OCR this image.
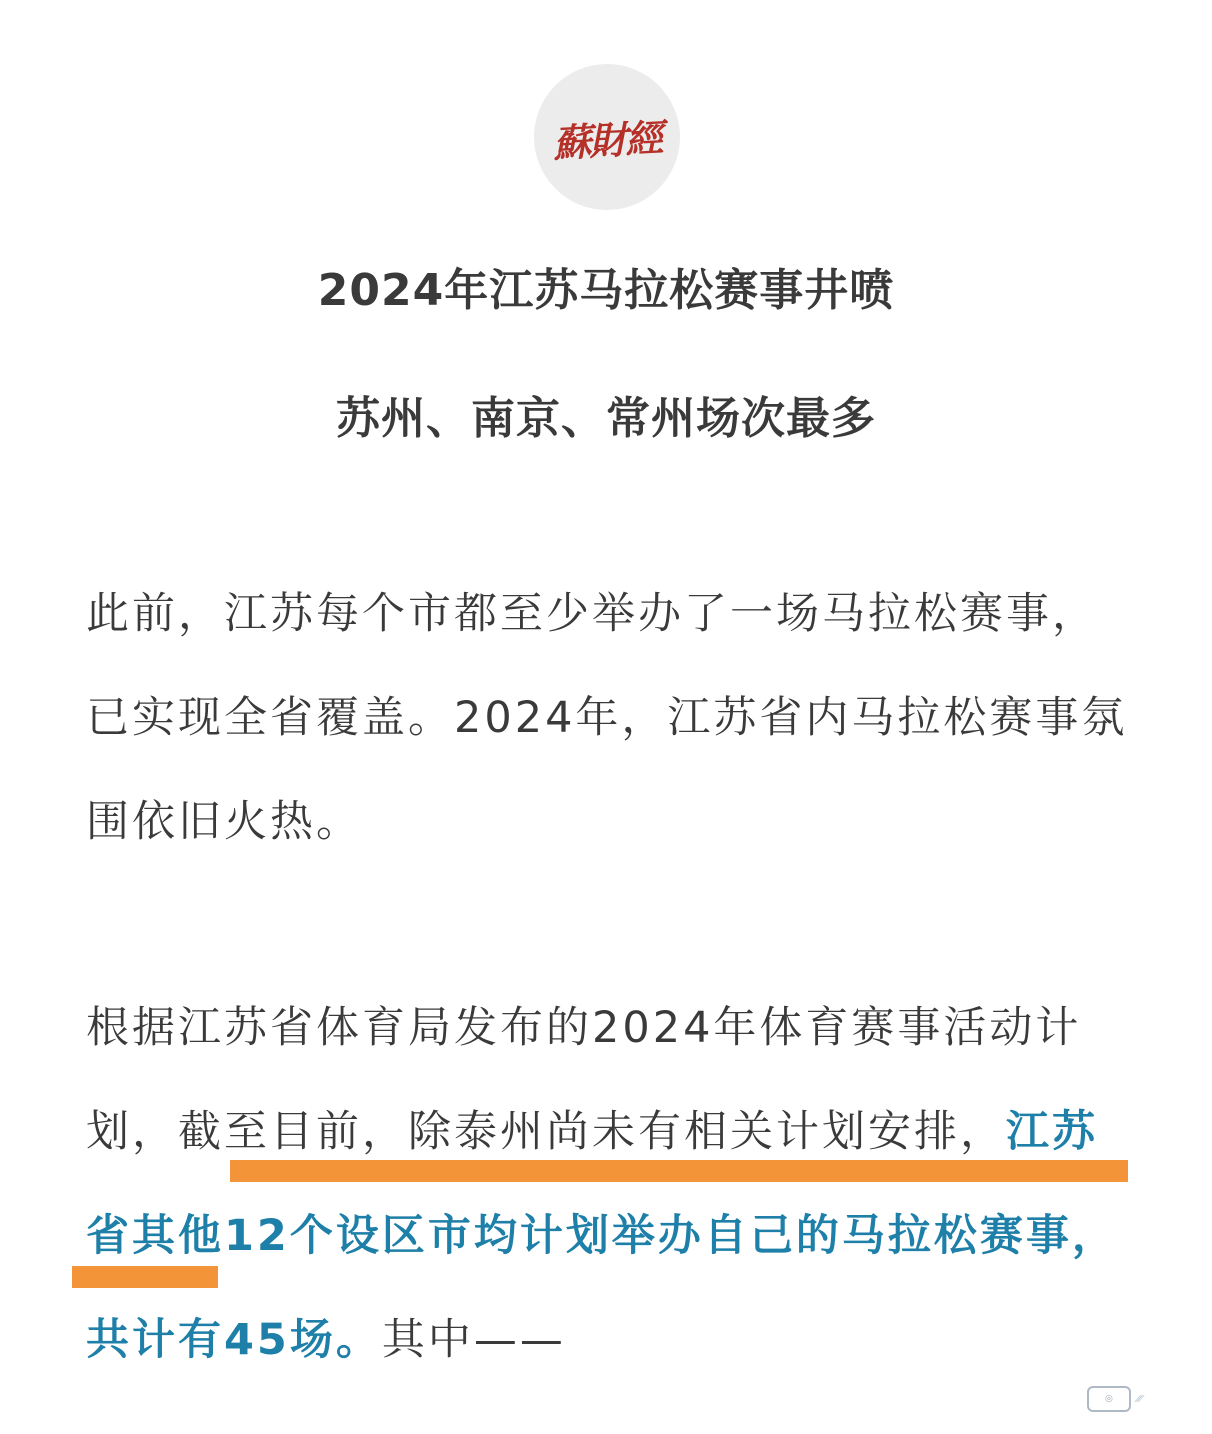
蘇財經
2024年江苏马拉松赛事井喷
苏州、南京、常州场次最多

此前，江苏每个市都至少举办了一场马拉松赛事，已实现全省覆盖。2024年，江苏省内马拉松赛事氛围依旧火热。

根据江苏省体育局发布的2024年体育赛事活动计划，截至目前，除泰州尚未有相关计划安排，江苏省其他12个设区市均计划举办自己的马拉松赛事，共计有45场。其中——

◎	⁄⁄⁄
